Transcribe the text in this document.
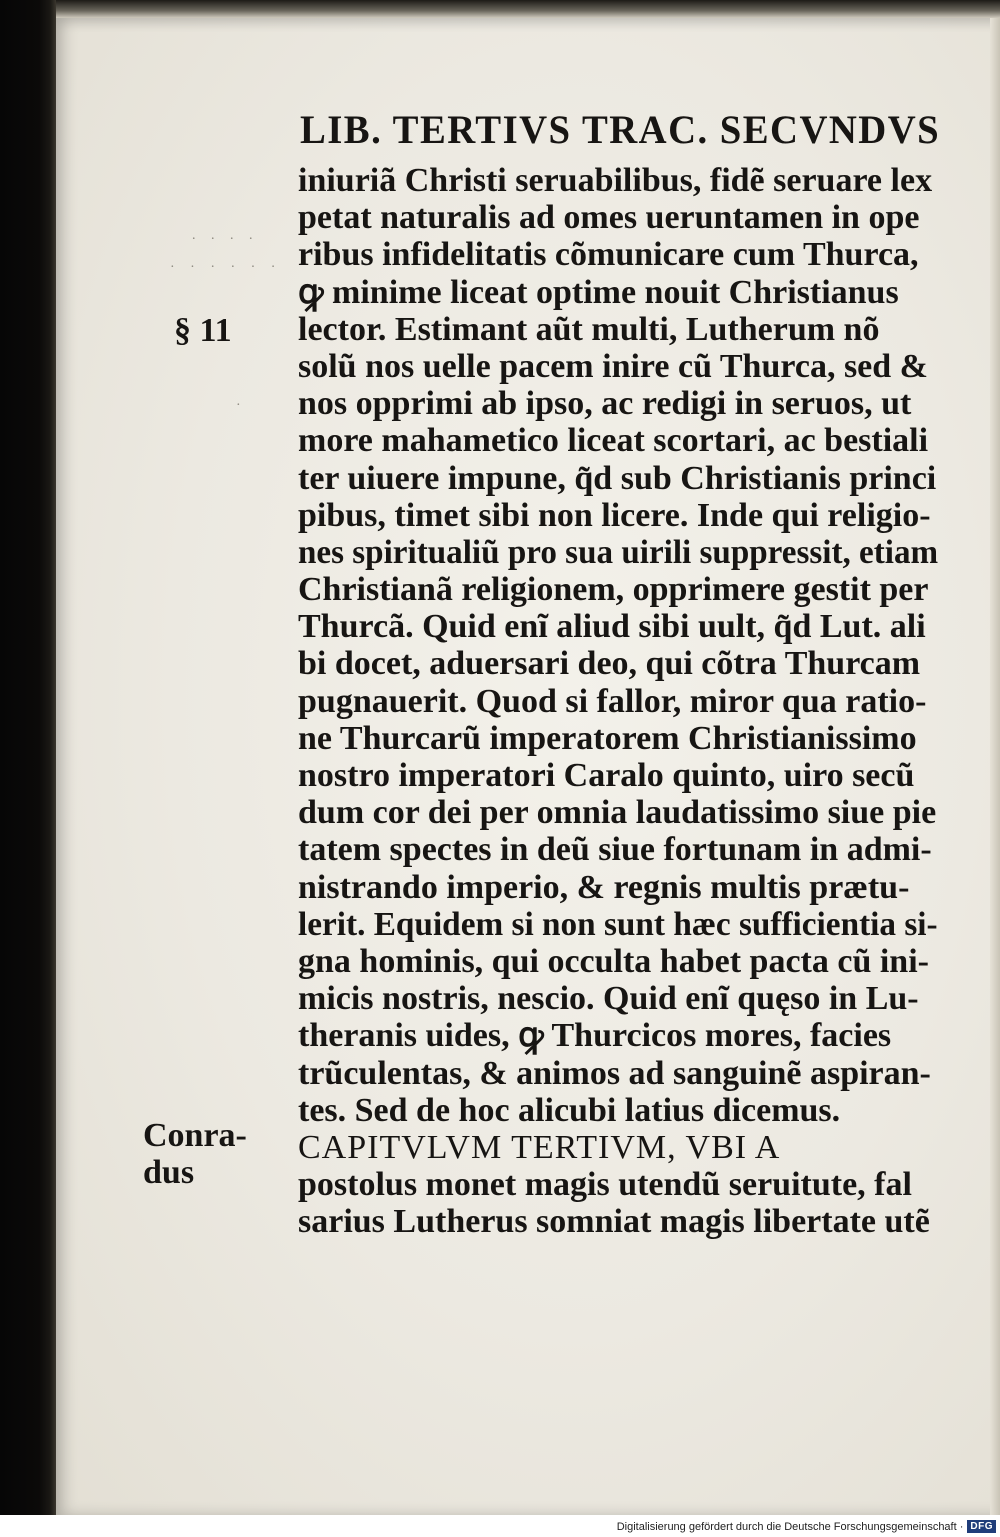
LIB. TERTIVS TRAC. SECVNDVS
. . . .
· · · · · ·
·
§ 11
Conra-
dus
iniuriã Christi seruabilibus, fidẽ seruare lex
petat naturalis ad omes ueruntamen in ope
ribus infidelitatis cõmunicare cum Thurca,
ꝙ minime liceat optime nouit Christianus
lector. Estimant aũt multi, Lutherum nõ
solũ nos uelle pacem inire cũ Thurca, sed &
nos opprimi ab ipso, ac redigi in seruos, ut
more mahametico liceat scortari, ac bestiali
ter uiuere impune, q̃d sub Christianis princi
pibus, timet sibi non licere. Inde qui religio-
nes spiritualiũ pro sua uirili suppressit, etiam
Christianã religionem, opprimere gestit per
Thurcã. Quid enĩ aliud sibi uult, q̃d Lut. ali
bi docet, aduersari deo, qui cõtra Thurcam
pugnauerit. Quod si fallor, miror qua ratio-
ne Thurcarũ imperatorem Christianissimo
nostro imperatori Caralo quinto, uiro secũ
dum cor dei per omnia laudatissimo siue pie
tatem spectes in deũ siue fortunam in admi-
nistrando imperio, & regnis multis prætu-
lerit. Equidem si non sunt hæc sufficientia si-
gna hominis, qui occulta habet pacta cũ ini-
micis nostris, nescio. Quid enĩ quęso in Lu-
theranis uides, ꝙ Thurcicos mores, facies
trũculentas, & animos ad sanguinẽ aspiran-
tes. Sed de hoc alicubi latius dicemus.
CAPITVLVM TERTIVM, VBI A
postolus monet magis utendũ seruitute, fal
sarius Lutherus somniat magis libertate utẽ
Digitalisierung gefördert durch die Deutsche Forschungsgemeinschaft · DFG
